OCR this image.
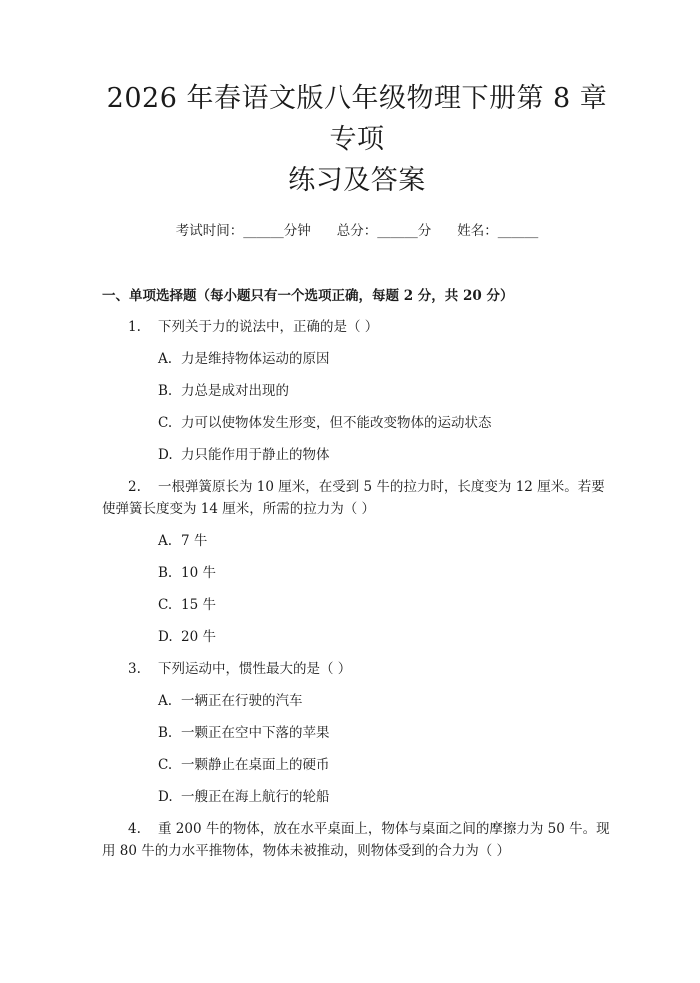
2026 年春语文版八年级物理下册第 8 章专项
练习及答案
考试时间：______分钟 总分：______分 姓名：______
一、单项选择题（每小题只有一个选项正确，每题 2 分，共 20 分）

1. 下列关于力的说法中，正确的是（ ）

A. 力是维持物体运动的原因
B. 力总是成对出现的
C. 力可以使物体发生形变，但不能改变物体的运动状态
D. 力只能作用于静止的物体

2. 一根弹簧原长为 10 厘米，在受到 5 牛的拉力时，长度变为 12 厘米。若要使弹簧长度变为 14 厘米，所需的拉力为（ ）

A. 7 牛
B. 10 牛
C. 15 牛
D. 20 牛

3. 下列运动中，惯性最大的是（ ）

A. 一辆正在行驶的汽车
B. 一颗正在空中下落的苹果
C. 一颗静止在桌面上的硬币
D. 一艘正在海上航行的轮船

4. 重 200 牛的物体，放在水平桌面上，物体与桌面之间的摩擦力为 50 牛。现用 80 牛的力水平推物体，物体未被推动，则物体受到的合力为（ ）
